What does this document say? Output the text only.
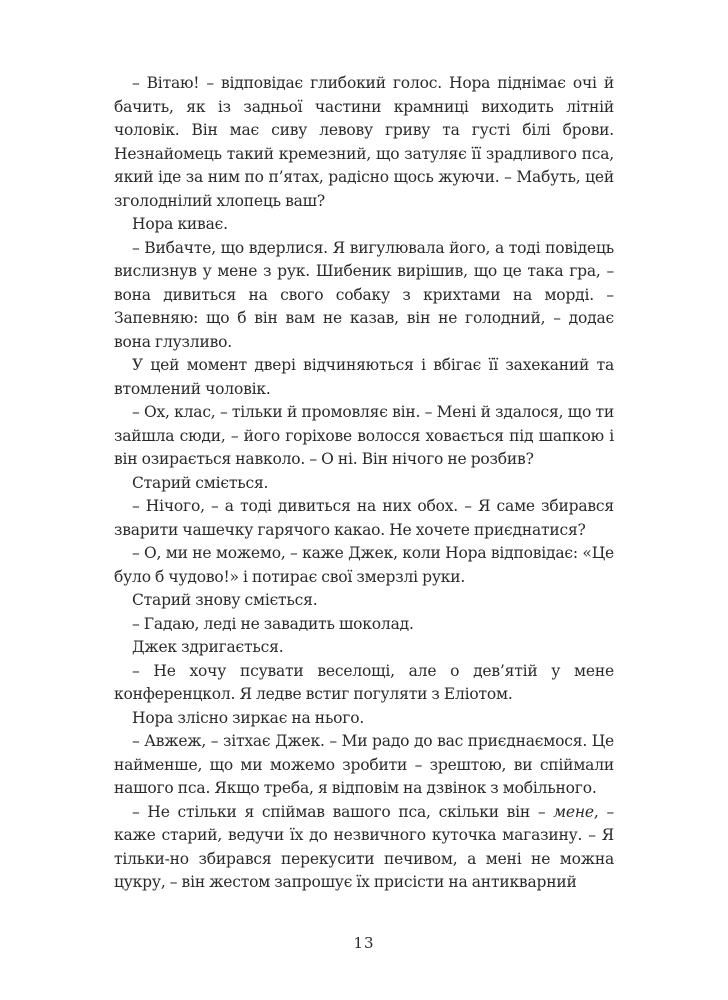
– Вітаю! – відповідає глибокий голос. Нора піднімає очі й бачить, як із задньої частини крамниці виходить літній чоловік. Він має сиву левову гриву та густі білі брови. Незнайомець такий кремезний, що затуляє її зрадливого пса, який іде за ним по п’ятах, радісно щось жуючи. – Мабуть, цей зголоднілий хлопець ваш?

Нора киває.

– Вибачте, що вдерлися. Я вигулювала його, а тоді повідець вислизнув у мене з рук. Шибеник вирішив, що це така гра, – вона дивиться на свого собаку з крихтами на морді. – Запевняю: що б він вам не казав, він не голодний, – додає вона глузливо.

У цей момент двері відчиняються і вбігає її захеканий та втомлений чоловік.

– Ох, клас, – тільки й промовляє він. – Мені й здалося, що ти зайшла сюди, – його горіхове волосся ховається під шапкою і він озирається навколо. – О ні. Він нічого не розбив?

Старий сміється.

– Нічого, – а тоді дивиться на них обох. – Я саме збирався зварити чашечку гарячого какао. Не хочете приєднатися?

– О, ми не можемо, – каже Джек, коли Нора відповідає: «Це було б чудово!» і потирає свої змерзлі руки.

Старий знову сміється.

– Гадаю, леді не завадить шоколад.

Джек здригається.

– Не хочу псувати веселощі, але о дев’ятій у мене конференцкол. Я ледве встиг погуляти з Еліотом.

Нора злісно зиркає на нього.

– Авжеж, – зітхає Джек. – Ми радо до вас приєднаємося. Це найменше, що ми можемо зробити – зрештою, ви спіймали нашого пса. Якщо треба, я відповім на дзвінок з мобільного.

– Не стільки я спіймав вашого пса, скільки він – мене, – каже старий, ведучи їх до незвичного куточка магазину. – Я тільки-но збирався перекусити печивом, а мені не можна цукру, – він жестом запрошує їх присісти на антикварний

13
